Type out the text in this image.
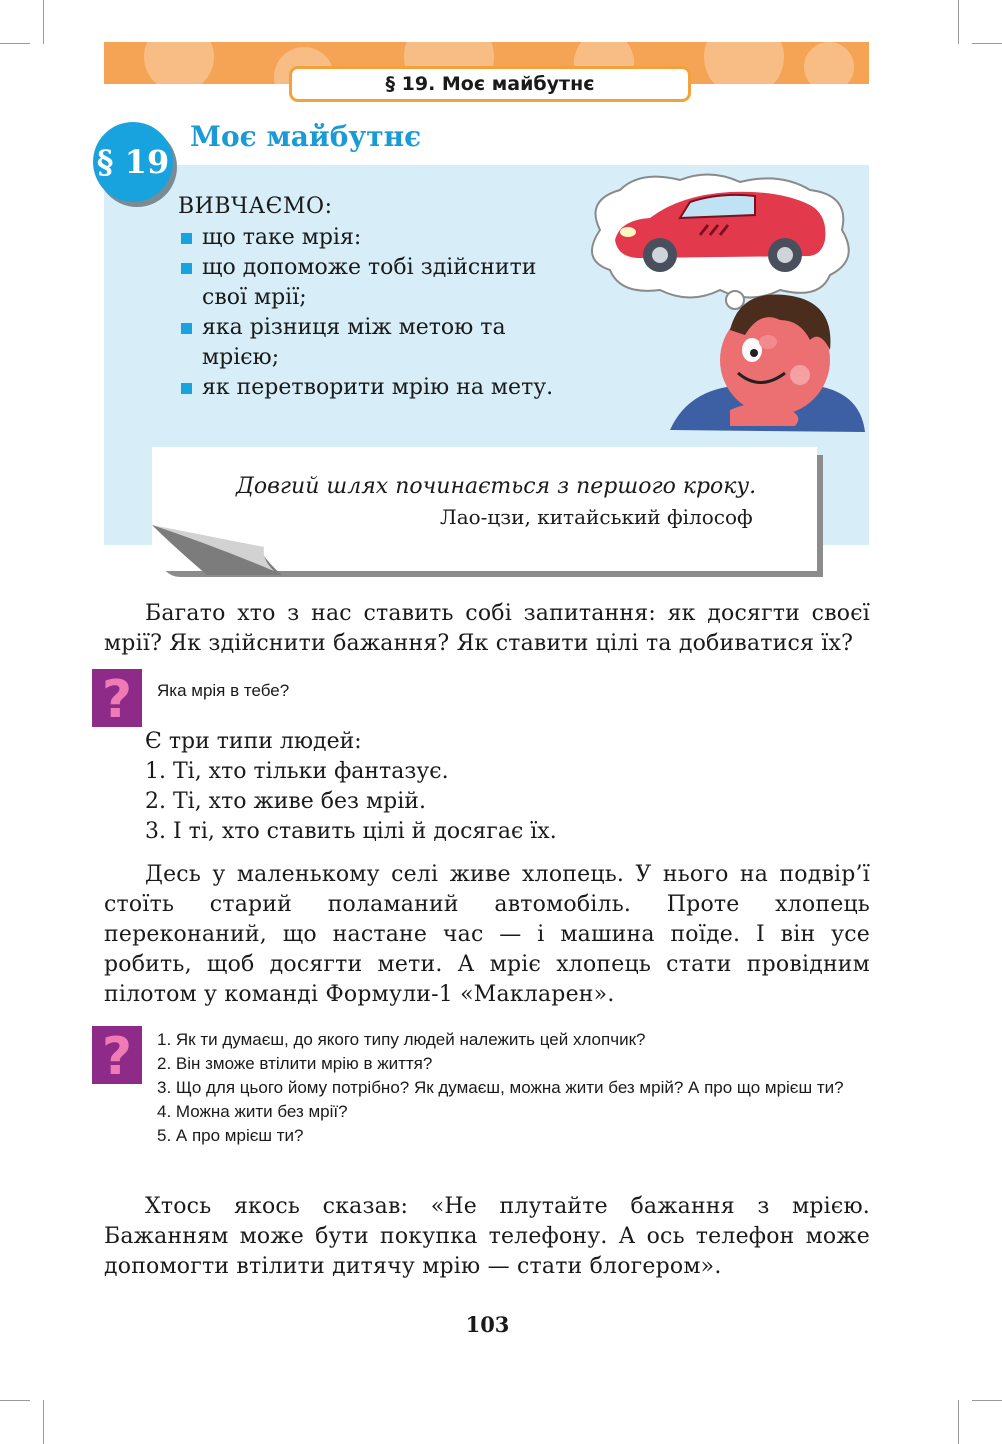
§ 19. Моє майбутнє
§ 19
Моє майбутнє
ВИВЧАЄМО:
що таке мрія:
що допоможе тобі здійснити свої мрії;
яка різниця між метою та мрією;
як перетворити мрію на мету.
Довгий шлях починається з першого кроку.
Лао-цзи, китайський філософ

Багато хто з нас ставить собі запитання: як досягти своєї мрії? Як здійснити бажання? Як ставити цілі та добиватися їх?

? Яка мрія в тебе?
Є три типи людей:
1. Ті, хто тільки фантазує.
2. Ті, хто живе без мрій.
3. І ті, хто ставить цілі й досягає їх.

Десь у маленькому селі живе хлопець. У нього на подвір’ї стоїть старий поламаний автомобіль. Проте хлопець переконаний, що настане час — і машина поїде. І він усе робить, щоб досягти мети. А мріє хлопець стати провідним пілотом у команді Формули-1 «Макларен».

? 1. Як ти думаєш, до якого типу людей належить цей хлопчик?
2. Він зможе втілити мрію в життя?
3. Що для цього йому потрібно? Як думаєш, можна жити без мрій? А про що мрієш ти?
4. Можна жити без мрії?
5. А про мрієш ти?

Хтось якось сказав: «Не плутайте бажання з мрією. Бажанням може бути покупка телефону. А ось телефон може допомогти втілити дитячу мрію — стати блогером».

103
